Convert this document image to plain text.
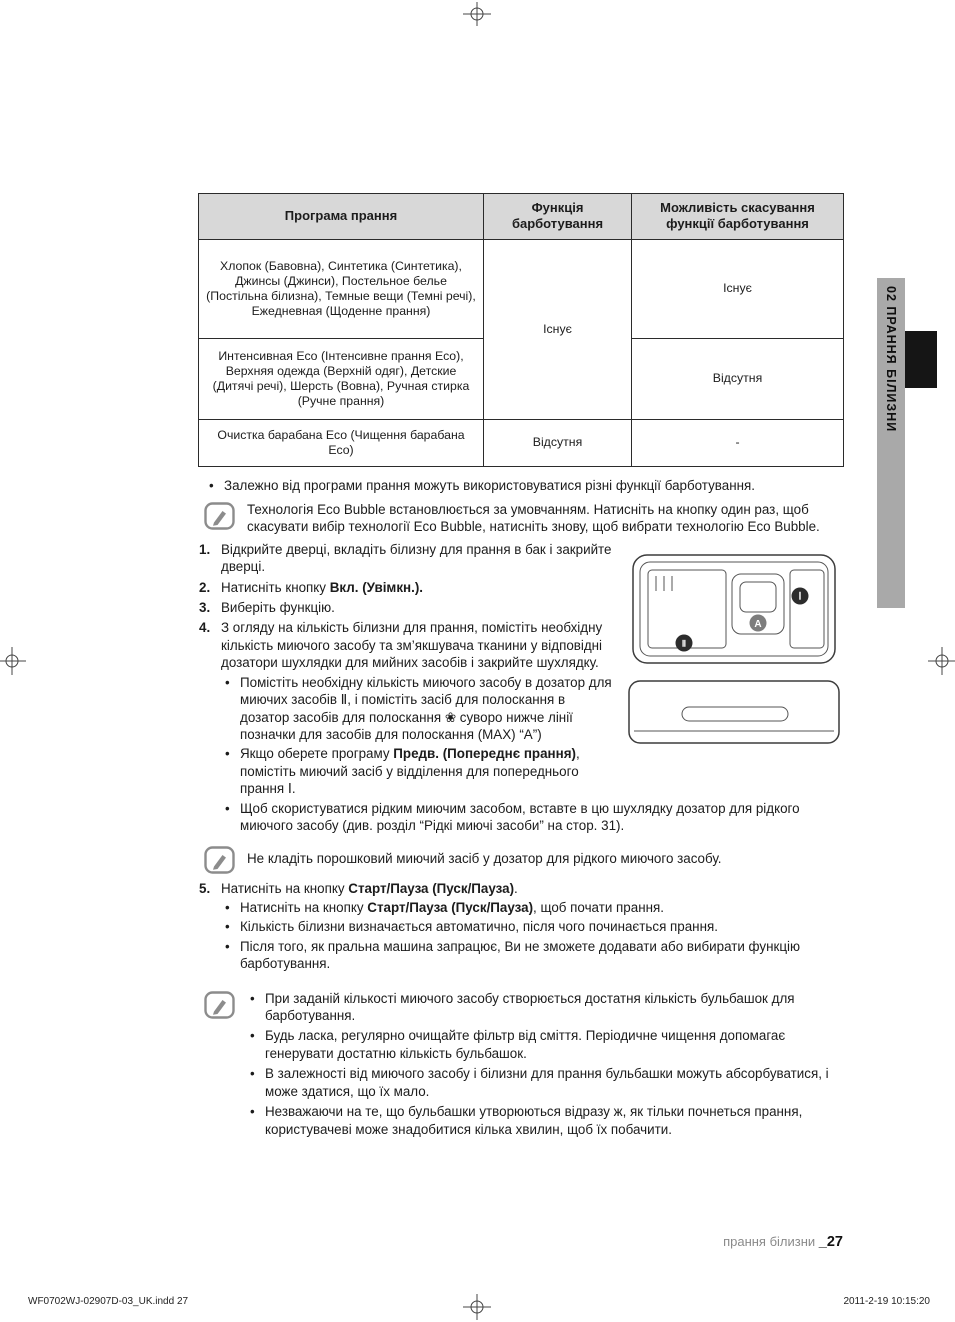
02 ПРАННЯ БІЛИЗНИ
Програма прання	Функція барботування	Можливість скасування функції барботування
Хлопок (Бавовна), Синтетика (Синтетика), Джинсы (Джинси), Постельное белье (Постільна білизна), Темные вещи (Темні речі), Ежедневная (Щоденне прання)	Існує	Існує
Интенсивная Eco (Інтенсивне прання Eco), Верхняя одежда (Верхній одяг), Детские (Дитячі речі), Шерсть (Вовна), Ручная стирка (Ручне прання)		Відсутня
Очистка барабана Eco (Чищення барабана Eco)	Відсутня	-
• Залежно від програми прання можуть використовуватися різні функції барботування.
Технологія Eco Bubble встановлюється за умовчанням. Натисніть на кнопку один раз, щоб скасувати вибір технології Eco Bubble, натисніть знову, щоб вибрати технологію Eco Bubble.
Ⅰ
A
Ⅱ
1. Відкрийте дверці, вкладіть білизну для прання в бак і закрийте дверці.
2. Натисніть кнопку Вкл. (Увімкн.).
3. Виберіть функцію.
4. З огляду на кількість білизни для прання, помістіть необхідну кількість миючого засобу та зм’якшувача тканини у відповідні дозатори шухлядки для мийних засобів і закрийте шухлядку.
• Помістіть необхідну кількість миючого засобу в дозатор для миючих засобів Ⅱ, і помістіть засіб для полоскання в дозатор засобів для полоскання ❀ суворо нижче лінії позначки для засобів для полоскання (MAX) “A”)
• Якщо оберете програму Предв. (Попереднє прання), помістіть миючий засіб у відділення для попереднього прання Ⅰ.
• Щоб скористуватися рідким миючим засобом, вставте в цю шухлядку дозатор для рідкого миючого засобу (див. розділ “Рідкі миючі засоби” на стор. 31).
Не кладіть порошковий миючий засіб у дозатор для рідкого миючого засобу.
5. Натисніть на кнопку Старт/Пауза (Пуск/Пауза).
• Натисніть на кнопку Старт/Пауза (Пуск/Пауза), щоб почати прання.
• Кількість білизни визначається автоматично, після чого починається прання.
• Після того, як пральна машина запрацює, Ви не зможете додавати або вибирати функцію барботування.
• При заданій кількості миючого засобу створюється достатня кількість бульбашок для барботування.
• Будь ласка, регулярно очищайте фільтр від сміття. Періодичне чищення допомагає генерувати достатню кількість бульбашок.
• В залежності від миючого засобу і білизни для прання бульбашки можуть абсорбуватися, і може здатися, що їх мало.
• Незважаючи на те, що бульбашки утворюються відразу ж, як тільки почнеться прання, користувачеві може знадобитися кілька хвилин, щоб їх побачити.
прання білизни _27
WF0702WJ-02907D-03_UK.indd 27	2011-2-19 10:15:20
